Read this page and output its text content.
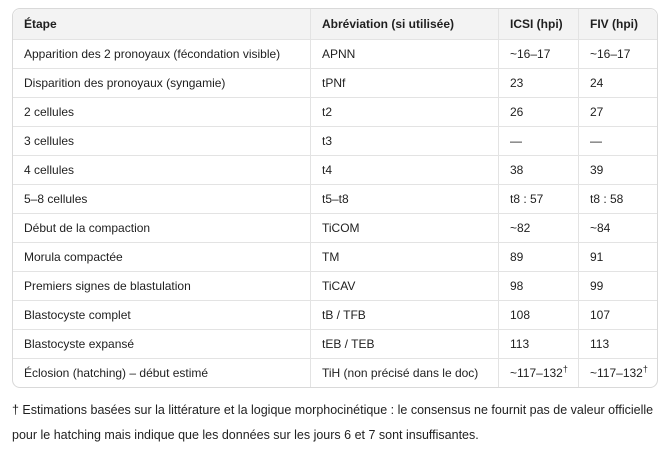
Étape	Abréviation (si utilisée)	ICSI (hpi)	FIV (hpi)
Apparition des 2 pronoyaux (fécondation visible)	APNN	~16–17	~16–17
Disparition des pronoyaux (syngamie)	tPNf	23	24
2 cellules	t2	26	27
3 cellules	t3	—	—
4 cellules	t4	38	39
5–8 cellules	t5–t8	t8 : 57	t8 : 58
Début de la compaction	TiCOM	~82	~84
Morula compactée	TM	89	91
Premiers signes de blastulation	TiCAV	98	99
Blastocyste complet	tB / TFB	108	107
Blastocyste expansé	tEB / TEB	113	113
Éclosion (hatching) – début estimé	TiH (non précisé dans le doc)	~117–132†	~117–132†

† Estimations basées sur la littérature et la logique morphocinétique : le consensus ne fournit pas de valeur officielle pour le hatching mais indique que les données sur les jours 6 et 7 sont insuffisantes.
